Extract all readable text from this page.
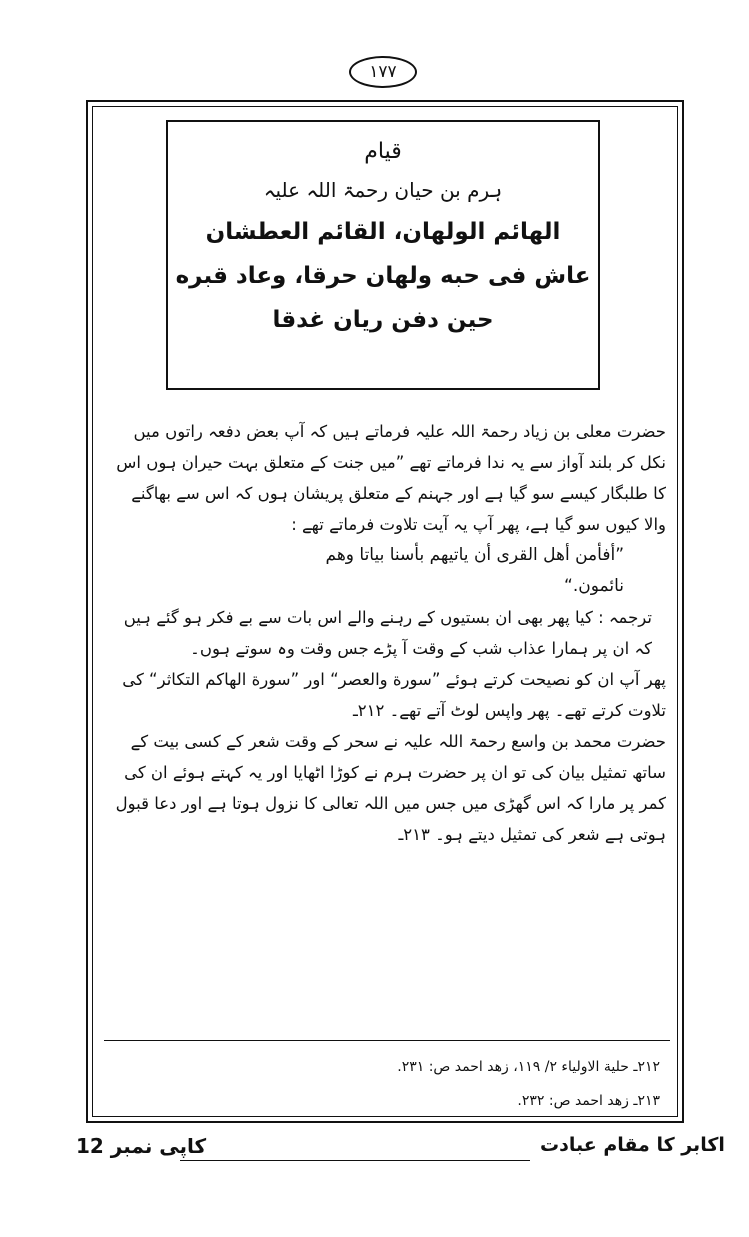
١٧٧
قیام
ہرم بن حیان رحمۃ اللہ علیہ
الهائم الولهان، القائم العطشان
عاش فی حبه ولهان حرقا، وعاد قبره
حین دفن ریان غدقا

حضرت معلی بن زیاد رحمۃ اللہ علیہ فرماتے ہیں کہ آپ بعض دفعہ راتوں میں نکل کر بلند آواز سے یہ ندا فرماتے تھے ”میں جنت کے متعلق بہت حیران ہوں اس کا طلبگار کیسے سو گیا ہے اور جہنم کے متعلق پریشان ہوں کہ اس سے بھاگنے والا کیوں سو گیا ہے، پھر آپ یہ آیت تلاوت فرماتے تھے :

”أفأمن أهل القرى أن ياتيهم بأسنا بياتا وهم

نائمون.“

ترجمہ : کیا پھر بھی ان بستیوں کے رہنے والے اس بات سے بے فکر ہو گئے ہیں کہ ان پر ہمارا عذاب شب کے وقت آ پڑے جس وقت وہ سوتے ہوں۔

پھر آپ ان کو نصیحت کرتے ہوئے ”سورة والعصر“ اور ”سورة الهاكم التكاثر“ کی تلاوت کرتے تھے۔ پھر واپس لوٹ آتے تھے۔ ۲۱۲ـ

حضرت محمد بن واسع رحمۃ اللہ علیہ نے سحر کے وقت شعر کے کسی بیت کے ساتھ تمثیل بیان کی تو ان پر حضرت ہرم نے کوڑا اٹھایا اور یہ کہتے ہوئے ان کی کمر پر مارا کہ اس گھڑی میں جس میں اللہ تعالی کا نزول ہوتا ہے اور دعا قبول ہوتی ہے شعر کی تمثیل دیتے ہو۔ ۲۱۳ـ

۲۱۲ـ حلية الاولياء ۲/ ۱۱۹، زهد احمد ص: ۲۳۱.

۲۱۳ـ زهد احمد ص: ۲۳۲.

کاپی نمبر 12	اکابر کا مقام عبادت
